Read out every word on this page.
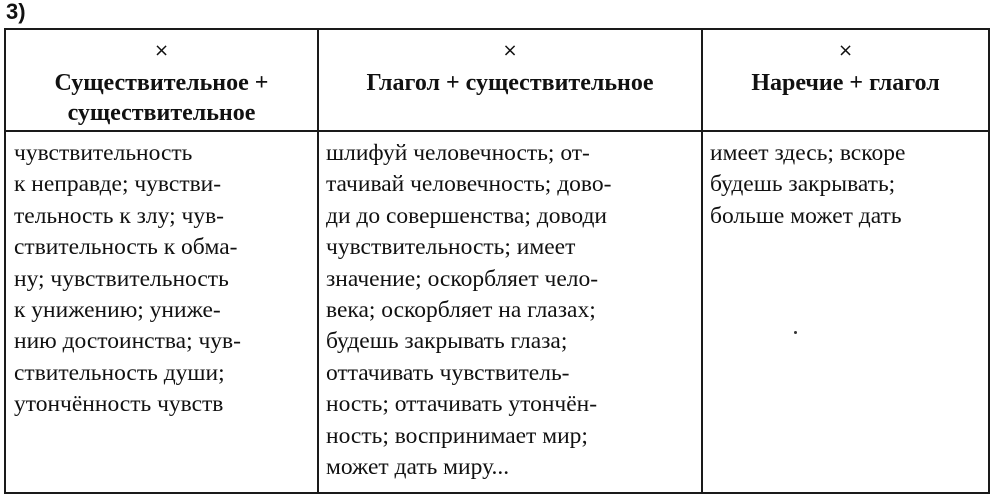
3)
×
Существительное +
существительное
×
Глагол + существительное
×
Наречие + глагол
чувствительность
к неправде; чувстви-
тельность к злу; чув-
ствительность к обма-
ну; чувствительность
к унижению; униже-
нию достоинства; чув-
ствительность души;
утончённость чувств
шлифуй человечность; от-
тачивай человечность; дово-
ди до совершенства; доводи
чувствительность; имеет
значение; оскорбляет чело-
века; оскорбляет на глазах;
будешь закрывать глаза;
оттачивать чувствитель-
ность; оттачивать утончён-
ность; воспринимает мир;
может дать миру...
имеет здесь; вскоре
будешь закрывать;
больше может дать
